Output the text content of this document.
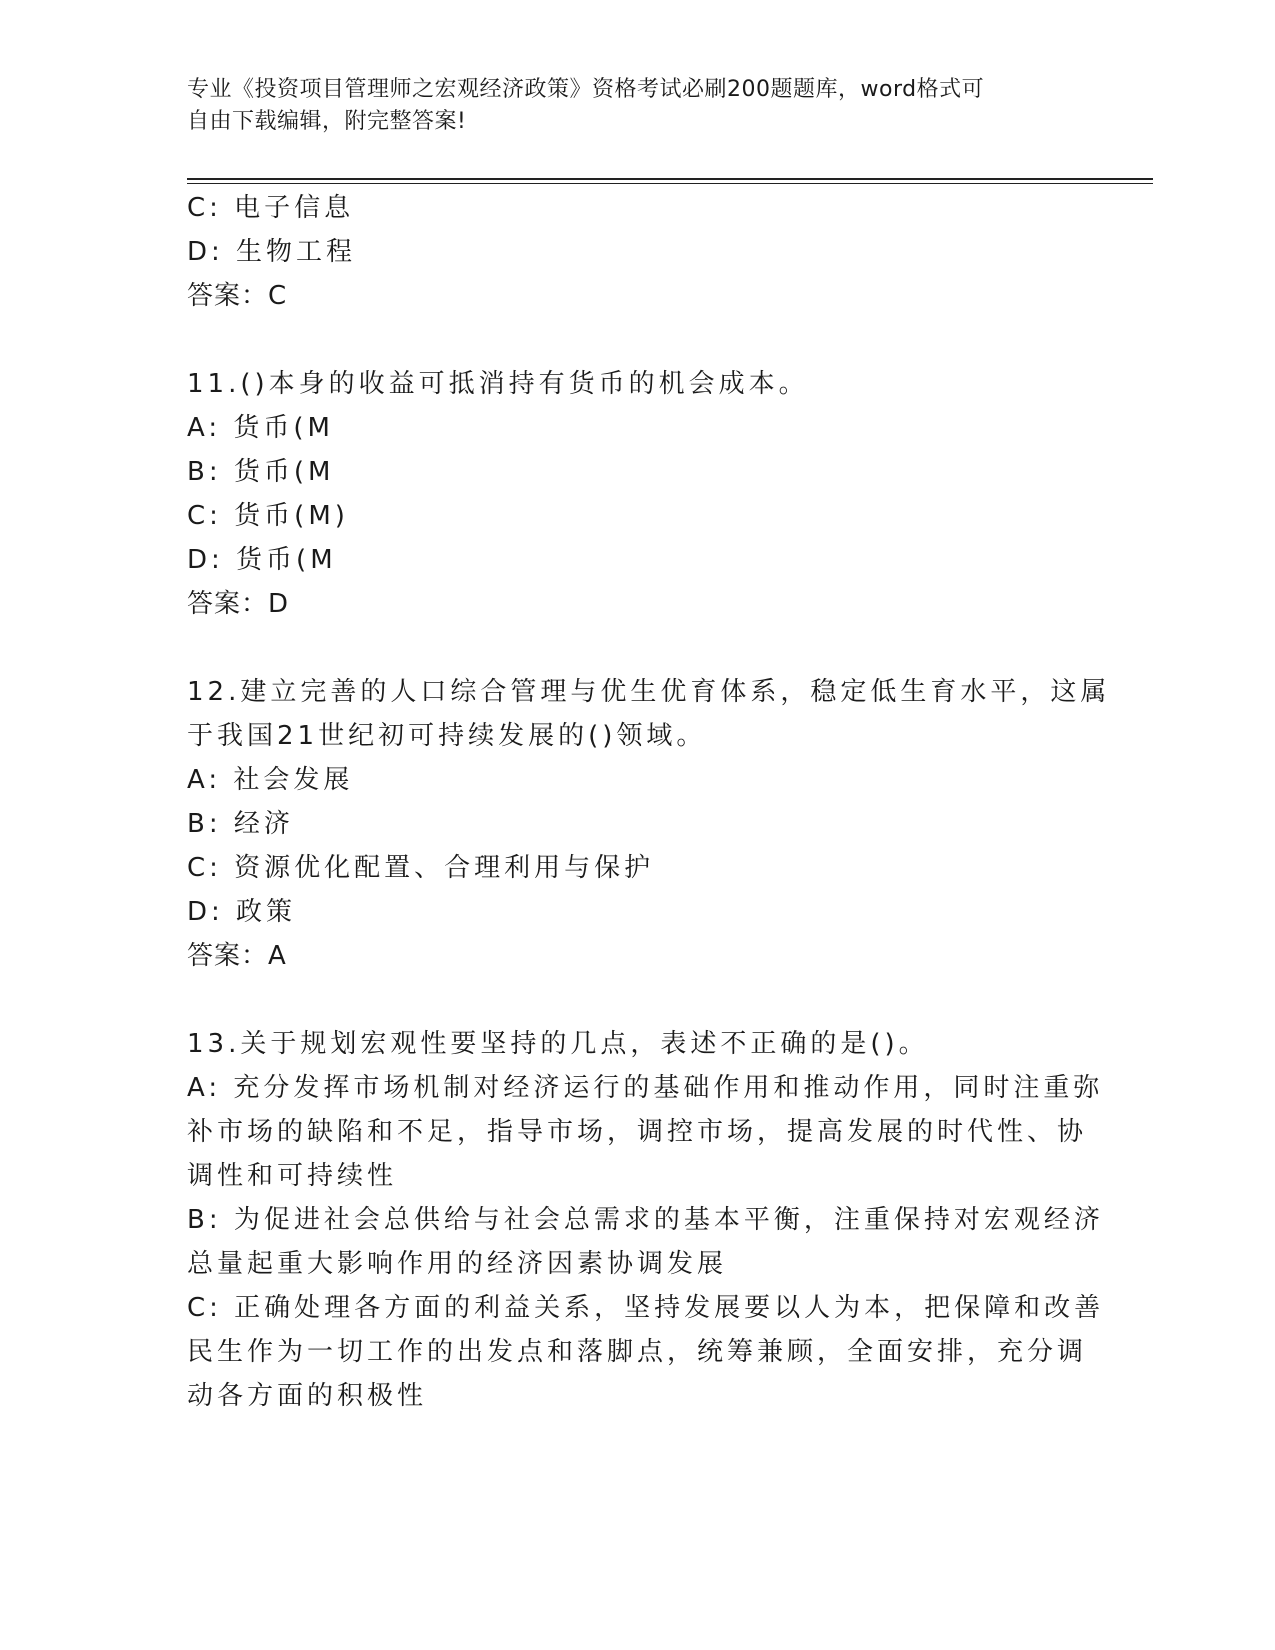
专业《投资项目管理师之宏观经济政策》资格考试必刷200题题库，word格式可
自由下载编辑，附完整答案!
C: 电子信息
D: 生物工程
答案：C
11.()本身的收益可抵消持有货币的机会成本。
A: 货币(M
B: 货币(M
C: 货币(M)
D: 货币(M
答案：D
12.建立完善的人口综合管理与优生优育体系，稳定低生育水平，这属
于我国21世纪初可持续发展的()领域。
A: 社会发展
B: 经济
C: 资源优化配置、合理利用与保护
D: 政策
答案：A
13.关于规划宏观性要坚持的几点，表述不正确的是()。
A: 充分发挥市场机制对经济运行的基础作用和推动作用，同时注重弥
补市场的缺陷和不足，指导市场，调控市场，提高发展的时代性、协
调性和可持续性
B: 为促进社会总供给与社会总需求的基本平衡，注重保持对宏观经济
总量起重大影响作用的经济因素协调发展
C: 正确处理各方面的利益关系，坚持发展要以人为本，把保障和改善
民生作为一切工作的出发点和落脚点，统筹兼顾，全面安排，充分调
动各方面的积极性
